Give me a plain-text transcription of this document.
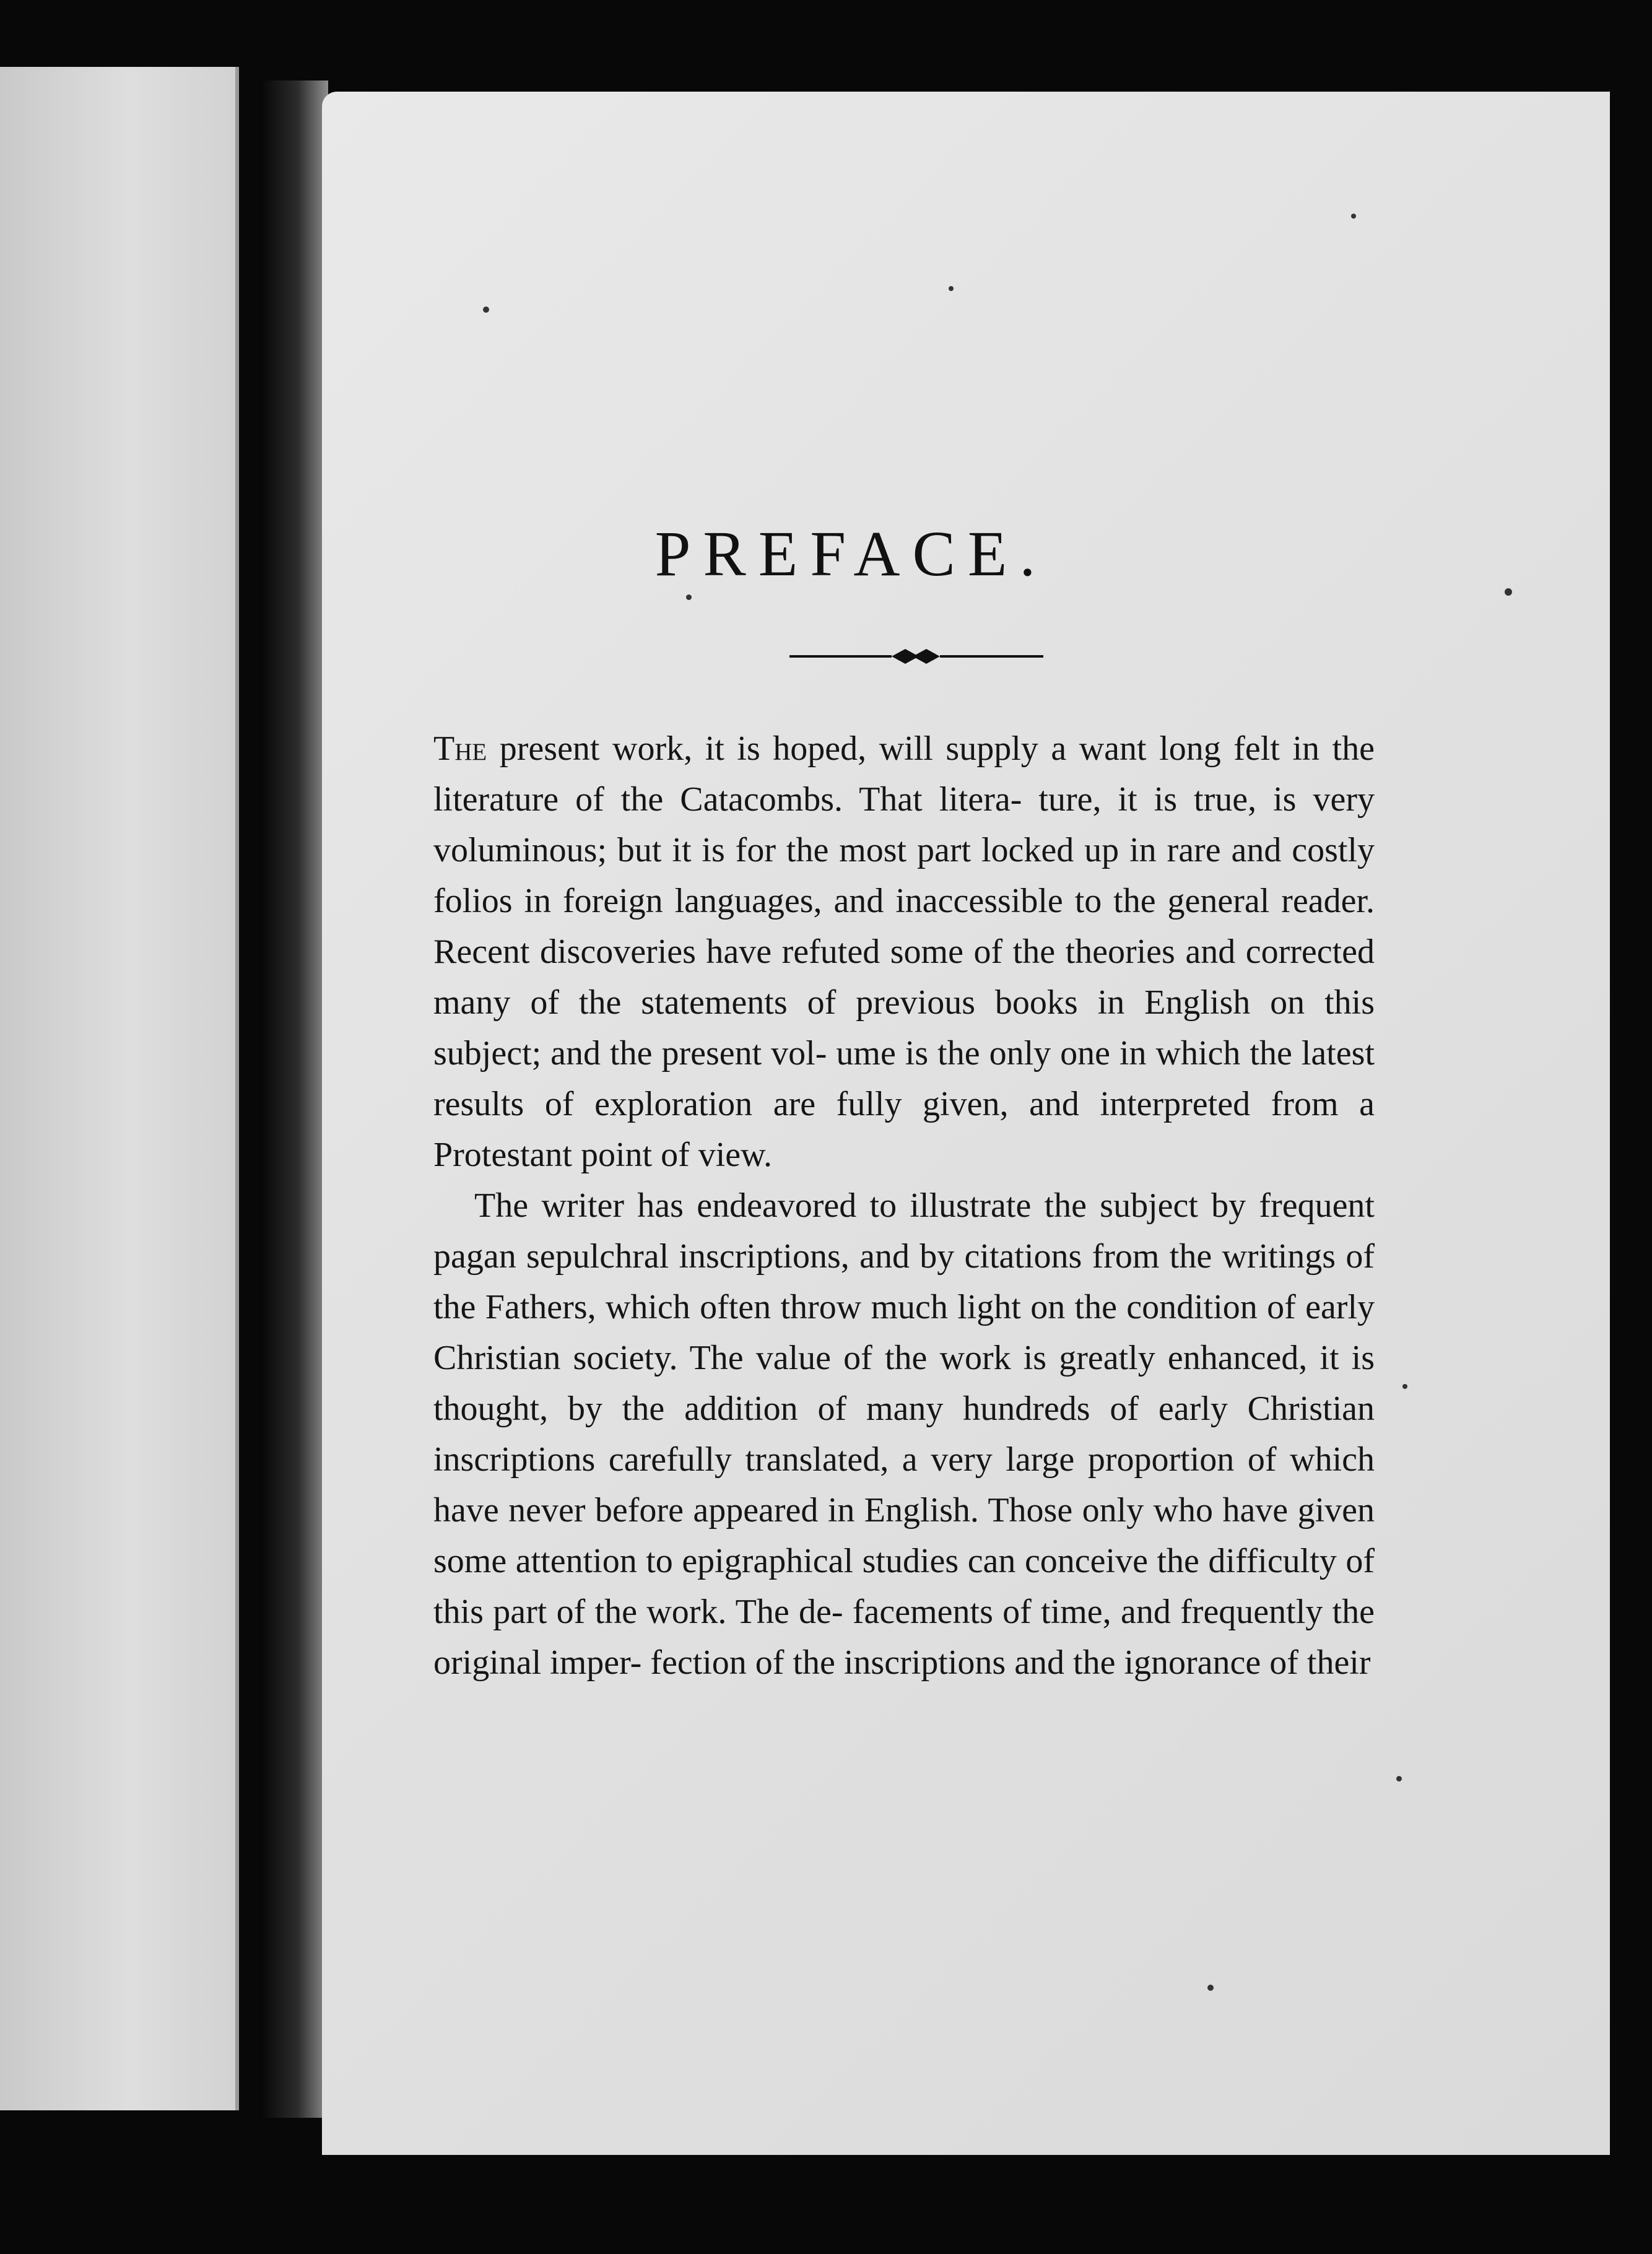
PREFACE.

The present work, it is hoped, will supply a want long felt in the literature of the Catacombs. That litera- ture, it is true, is very voluminous; but it is for the most part locked up in rare and costly folios in foreign languages, and inaccessible to the general reader. Recent discoveries have refuted some of the theories and corrected many of the statements of previous books in English on this subject; and the present vol- ume is the only one in which the latest results of exploration are fully given, and interpreted from a Protestant point of view.

The writer has endeavored to illustrate the subject by frequent pagan sepulchral inscriptions, and by citations from the writings of the Fathers, which often throw much light on the condition of early Christian society. The value of the work is greatly enhanced, it is thought, by the addition of many hundreds of early Christian inscriptions carefully translated, a very large proportion of which have never before appeared in English. Those only who have given some attention to epigraphical studies can conceive the difficulty of this part of the work. The de- facements of time, and frequently the original imper- fection of the inscriptions and the ignorance of their
